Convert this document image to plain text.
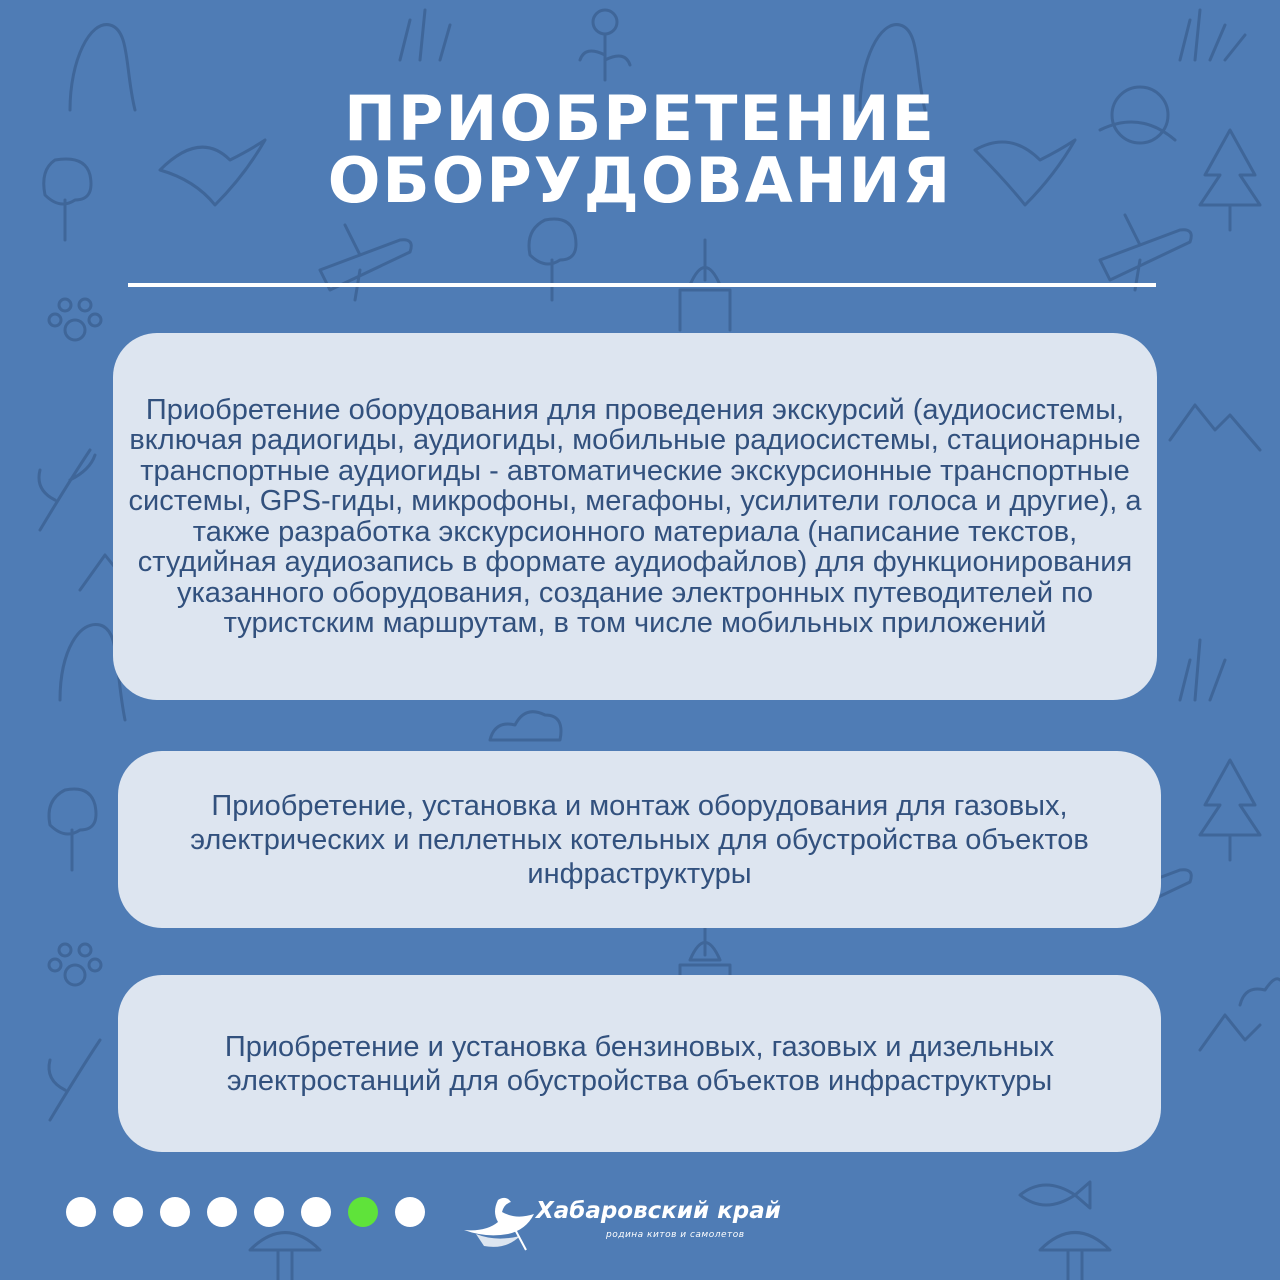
ПРИОБРЕТЕНИЕ
ОБОРУДОВАНИЯ

Приобретение оборудования для проведения экскурсий (аудиосистемы, включая радиогиды, аудиогиды, мобильные радиосистемы, стационарные транспортные аудиогиды - автоматические экскурсионные транспортные системы, GPS-гиды, микрофоны, мегафоны, усилители голоса и другие), а также разработка экскурсионного материала (написание текстов, студийная аудиозапись в формате аудиофайлов) для функционирования указанного оборудования, создание электронных путеводителей по туристским маршрутам, в том числе мобильных приложений

Приобретение, установка и монтаж оборудования для газовых, электрических и пеллетных котельных для обустройства объектов инфраструктуры

Приобретение и установка бензиновых, газовых и дизельных электростанций для обустройства объектов инфраструктуры

Хабаровский край
родина китов и самолетов
